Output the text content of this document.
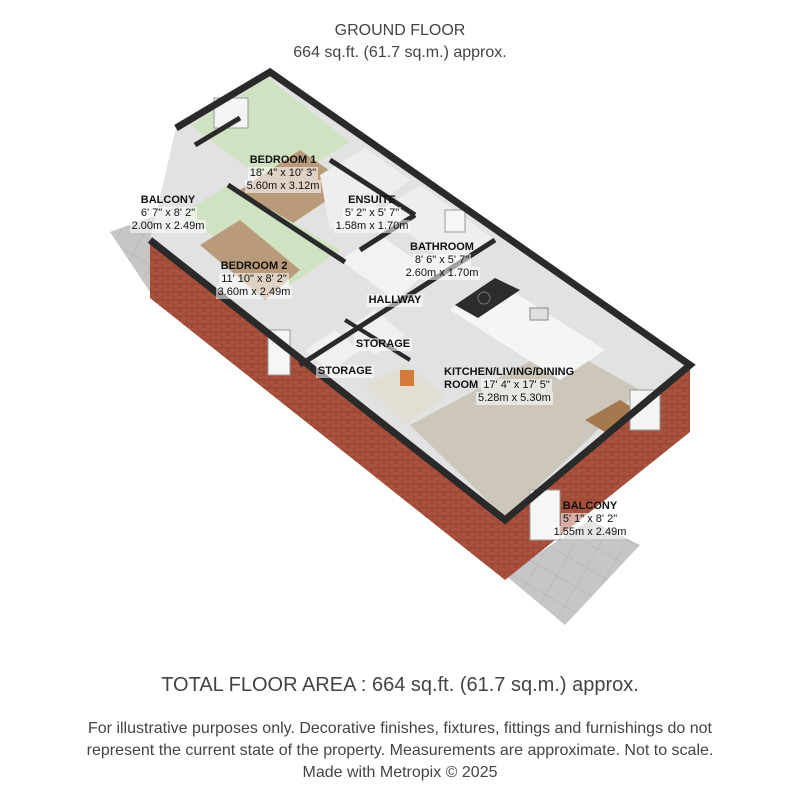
GROUND FLOOR
664 sq.ft. (61.7 sq.m.) approx.
BEDROOM 1
18' 4" x 10' 3"
5.60m x 3.12m
ENSUITE
5' 2" x 5' 7"
1.58m x 1.70m
BALCONY
6' 7" x 8' 2"
2.00m x 2.49m
BATHROOM
8' 6" x 5' 7"
2.60m x 1.70m
BEDROOM 2
11' 10" x 8' 2"
3.60m x 2.49m
HALLWAY
STORAGE
STORAGE	KITCHEN/LIVING/DINING
ROOM 17' 4" x 17' 5"
5.28m x 5.30m
BALCONY
5' 1" x 8' 2"
1.55m x 2.49m
TOTAL FLOOR AREA : 664 sq.ft. (61.7 sq.m.) approx.
For illustrative purposes only. Decorative finishes, fixtures, fittings and furnishings do not
represent the current state of the property. Measurements are approximate. Not to scale.
Made with Metropix © 2025
